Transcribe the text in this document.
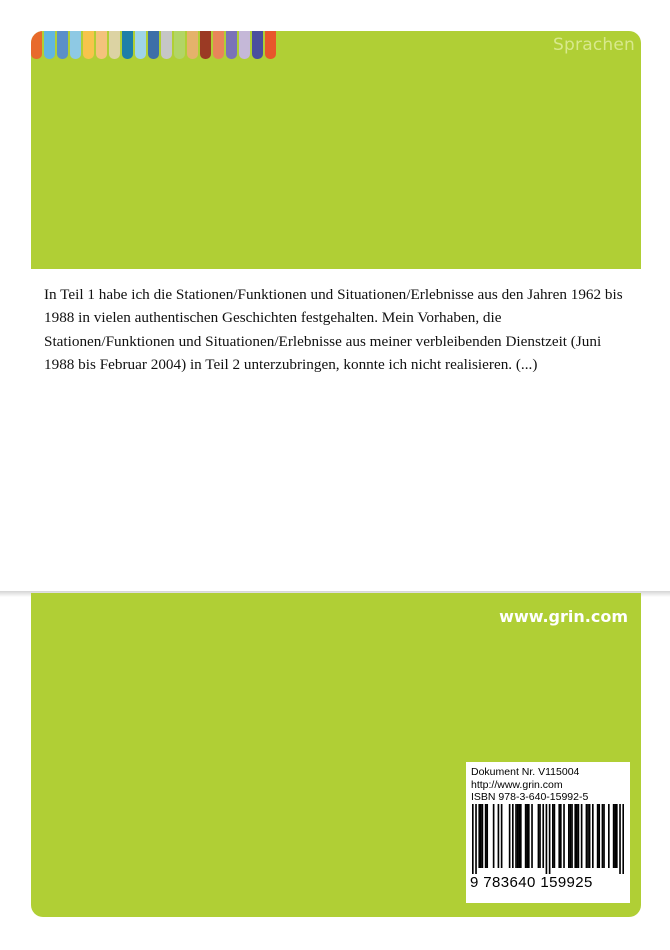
Sprachen

In Teil 1 habe ich die Stationen/Funktionen und Situationen/Erlebnisse aus den Jahren 1962 bis 1988 in vielen authentischen Geschichten festgehalten. Mein Vorhaben, die Stationen/Funktionen und Situationen/Erlebnisse aus meiner verbleibenden Dienstzeit (Juni 1988 bis Februar 2004) in Teil 2 unterzubringen, konnte ich nicht realisieren. (...)

www.grin.com
Dokument Nr. V115004
http://www.grin.com
ISBN 978-3-640-15992-5
9 783640 159925
